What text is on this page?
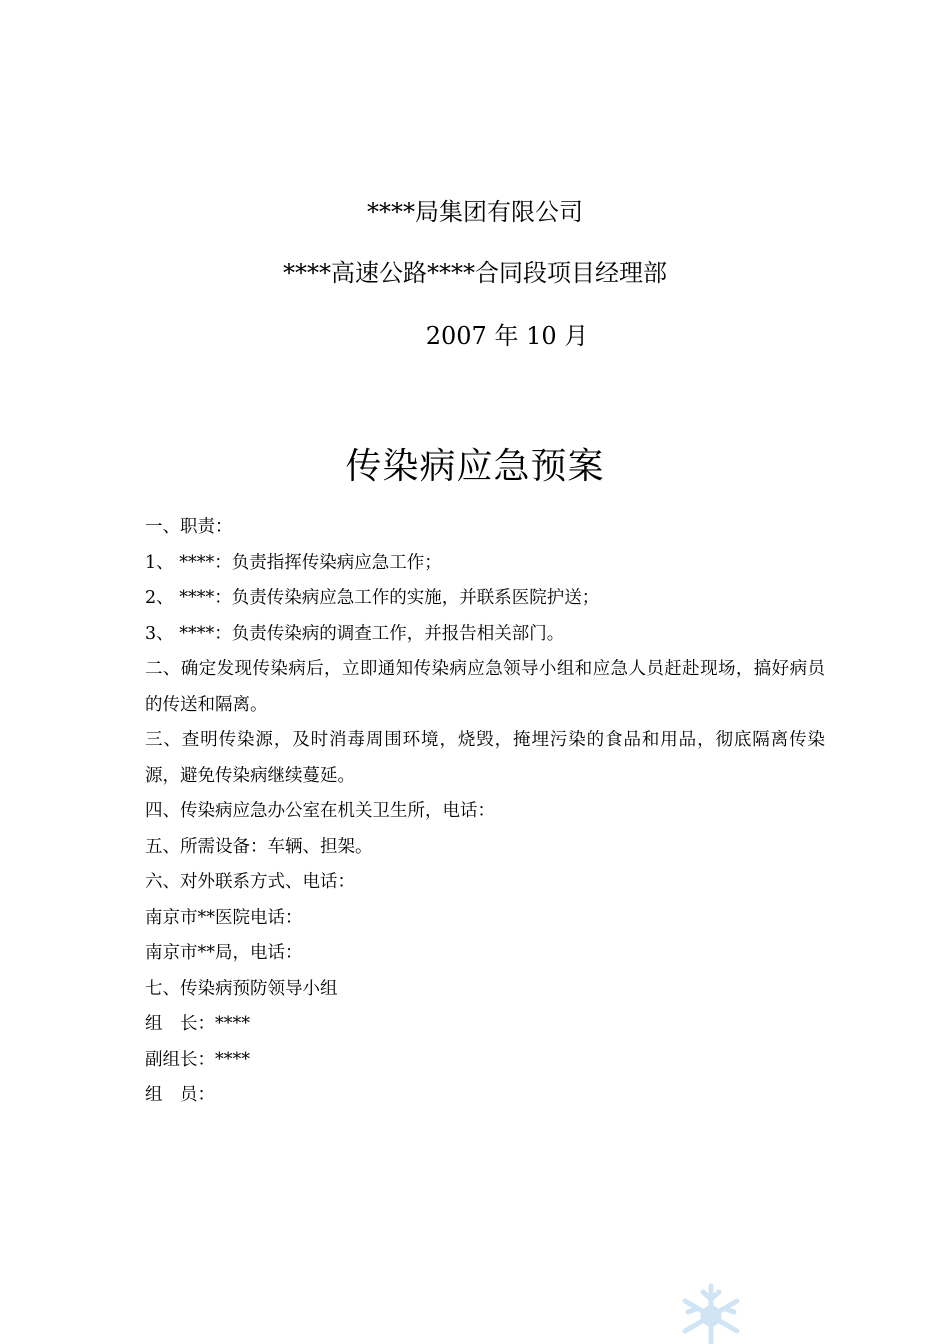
****局集团有限公司
****高速公路****合同段项目经理部
2007 年 10 月
传染病应急预案

一、职责：

1、 ****：负责指挥传染病应急工作；

2、 ****：负责传染病应急工作的实施，并联系医院护送；

3、 ****：负责传染病的调查工作，并报告相关部门。

二、确定发现传染病后，立即通知传染病应急领导小组和应急人员赶赴现场，搞好病员的传送和隔离。

三、查明传染源，及时消毒周围环境，烧毁，掩埋污染的食品和用品，彻底隔离传染源，避免传染病继续蔓延。

四、传染病应急办公室在机关卫生所，电话：

五、所需设备：车辆、担架。

六、对外联系方式、电话：

南京市**医院电话：

南京市**局，电话：

七、传染病预防领导小组

组　长：****

副组长：****

组　员：
